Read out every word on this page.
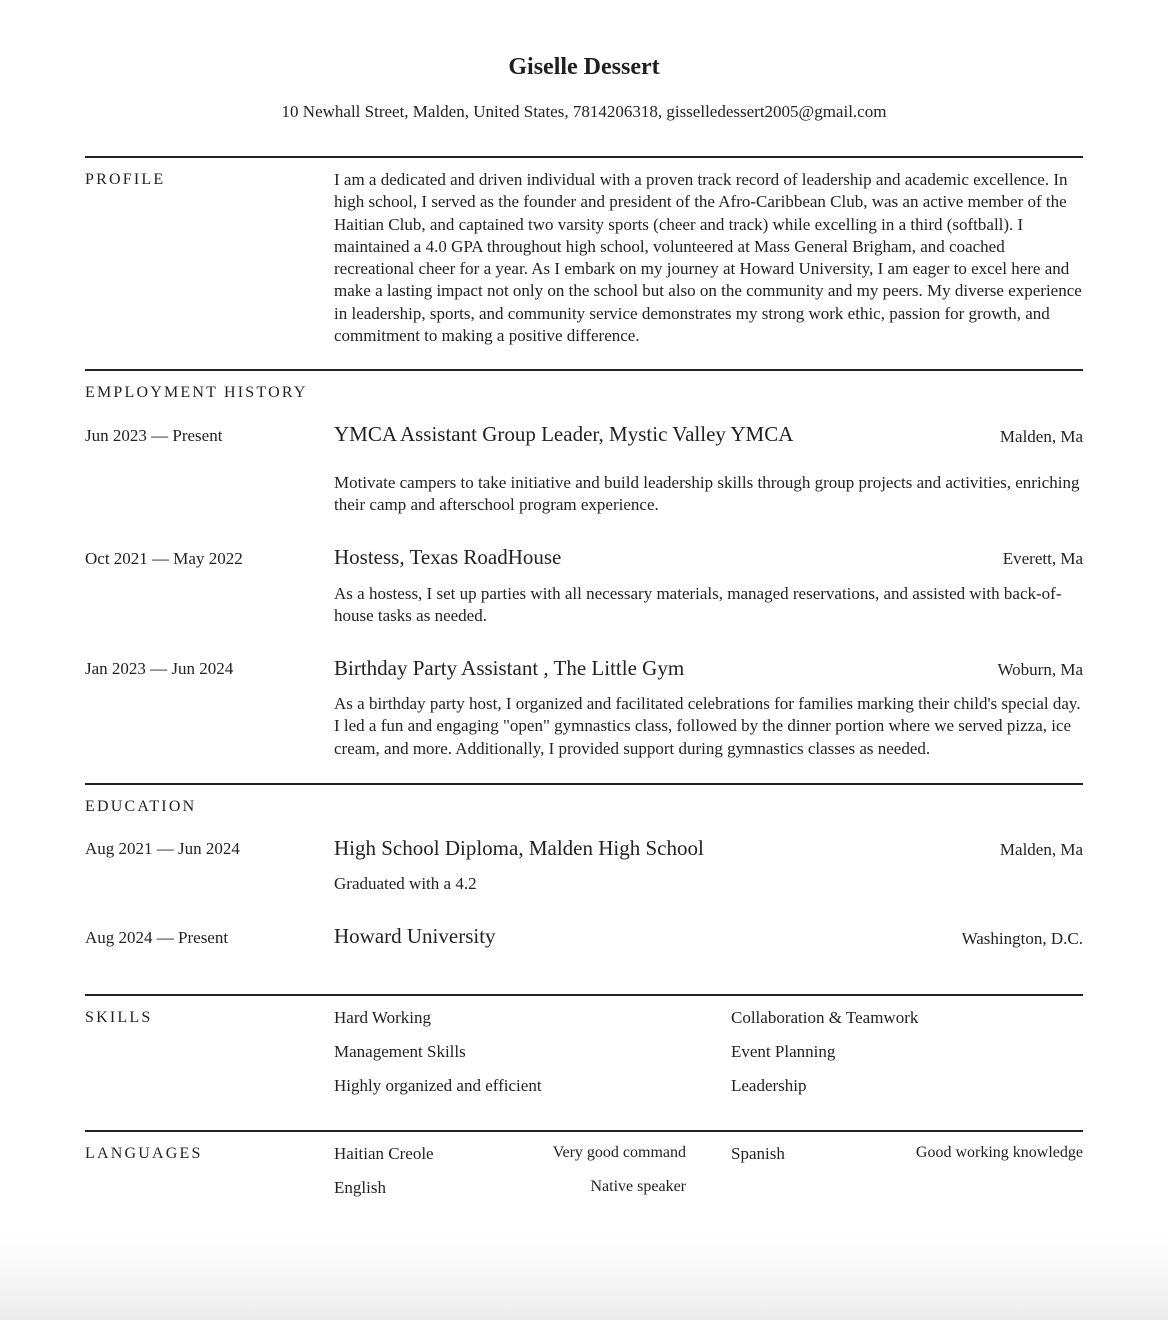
Giselle Dessert
10 Newhall Street, Malden, United States, 7814206318, gisselledessert2005@gmail.com
PROFILE	I am a dedicated and driven individual with a proven track record of leadership and academic excellence. In high school, I served as the founder and president of the Afro-Caribbean Club, was an active member of the Haitian Club, and captained two varsity sports (cheer and track) while excelling in a third (softball). I maintained a 4.0 GPA throughout high school, volunteered at Mass General Brigham, and coached recreational cheer for a year. As I embark on my journey at Howard University, I am eager to excel here and make a lasting impact not only on the school but also on the community and my peers. My diverse experience in leadership, sports, and community service demonstrates my strong work ethic, passion for growth, and commitment to making a positive difference.
EMPLOYMENT HISTORY
Jun 2023 — Present	YMCA Assistant Group Leader, Mystic Valley YMCA	Malden, Ma
Motivate campers to take initiative and build leadership skills through group projects and activities, enriching their camp and afterschool program experience.
Oct 2021 — May 2022	Hostess, Texas RoadHouse	Everett, Ma
As a hostess, I set up parties with all necessary materials, managed reservations, and assisted with back-of-house tasks as needed.
Jan 2023 — Jun 2024	Birthday Party Assistant , The Little Gym	Woburn, Ma
As a birthday party host, I organized and facilitated celebrations for families marking their child's special day. I led a fun and engaging "open" gymnastics class, followed by the dinner portion where we served pizza, ice cream, and more. Additionally, I provided support during gymnastics classes as needed.
EDUCATION
Aug 2021 — Jun 2024	High School Diploma, Malden High School	Malden, Ma
Graduated with a 4.2
Aug 2024 — Present	Howard University	Washington, D.C.
SKILLS	Hard Working	Collaboration & Teamwork
Management Skills	Event Planning
Highly organized and efficient	Leadership
LANGUAGES	Haitian Creole	Very good command	Spanish	Good working knowledge
English	Native speaker
